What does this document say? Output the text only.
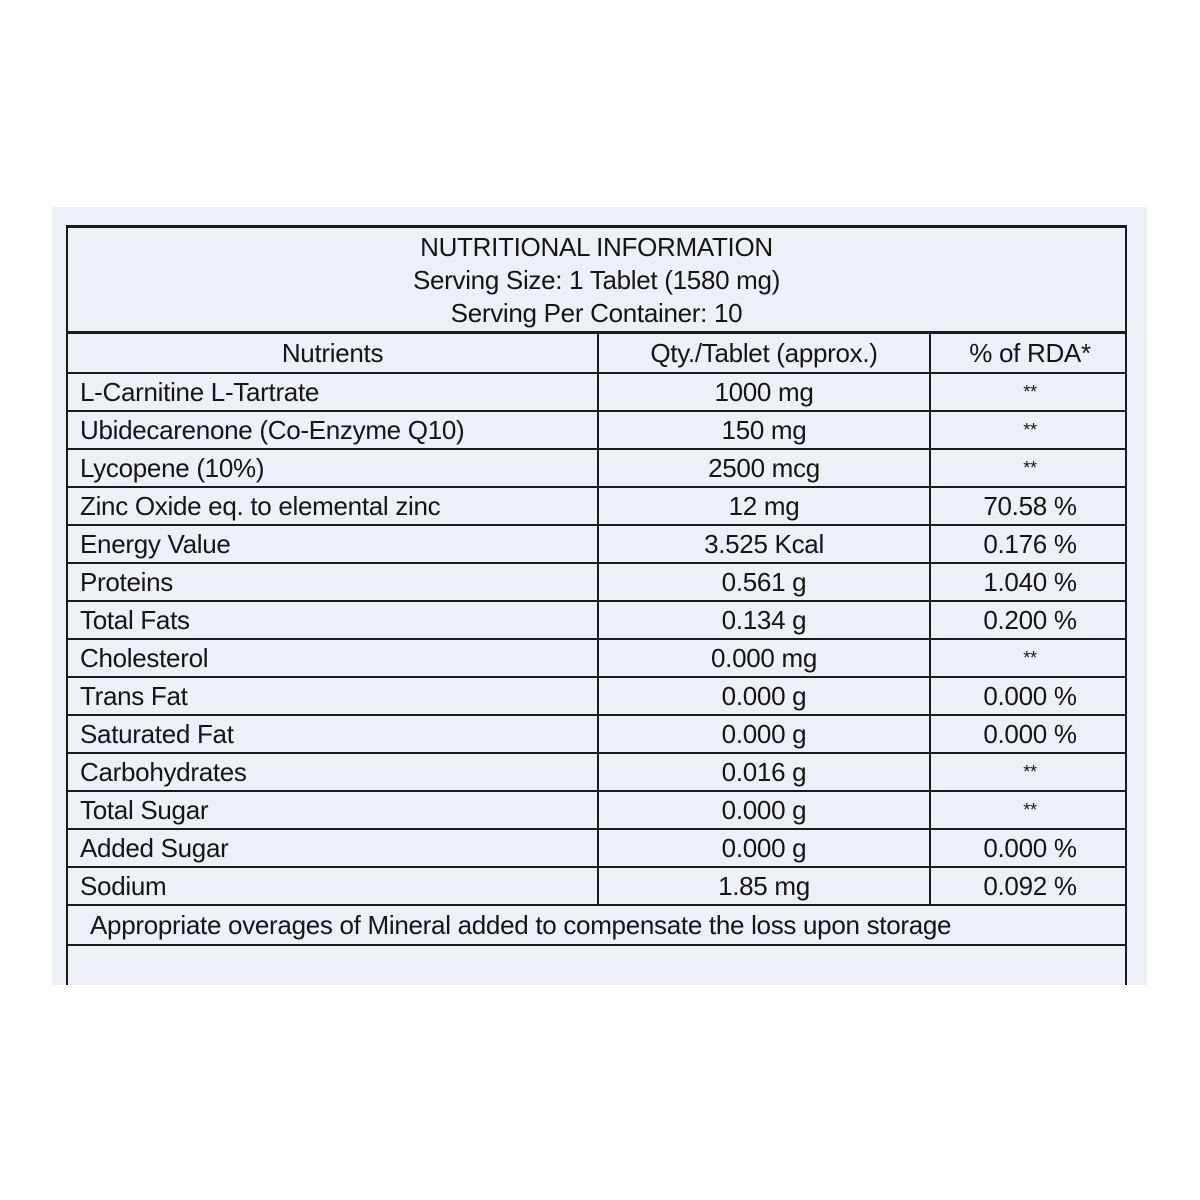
NUTRITIONAL INFORMATION
Serving Size: 1 Tablet (1580 mg)
Serving Per Container: 10
Nutrients	Qty./Tablet (approx.)	% of RDA*
L-Carnitine L-Tartrate	1000 mg	**
Ubidecarenone (Co-Enzyme Q10)	150 mg	**
Lycopene (10%)	2500 mcg	**
Zinc Oxide eq. to elemental zinc	12 mg	70.58 %
Energy Value	3.525 Kcal	0.176 %
Proteins	0.561 g	1.040 %
Total Fats	0.134 g	0.200 %
Cholesterol	0.000 mg	**
Trans Fat	0.000 g	0.000 %
Saturated Fat	0.000 g	0.000 %
Carbohydrates	0.016 g	**
Total Sugar	0.000 g	**
Added Sugar	0.000 g	0.000 %
Sodium	1.85 mg	0.092 %
Appropriate overages of Mineral added to compensate the loss upon storage		
